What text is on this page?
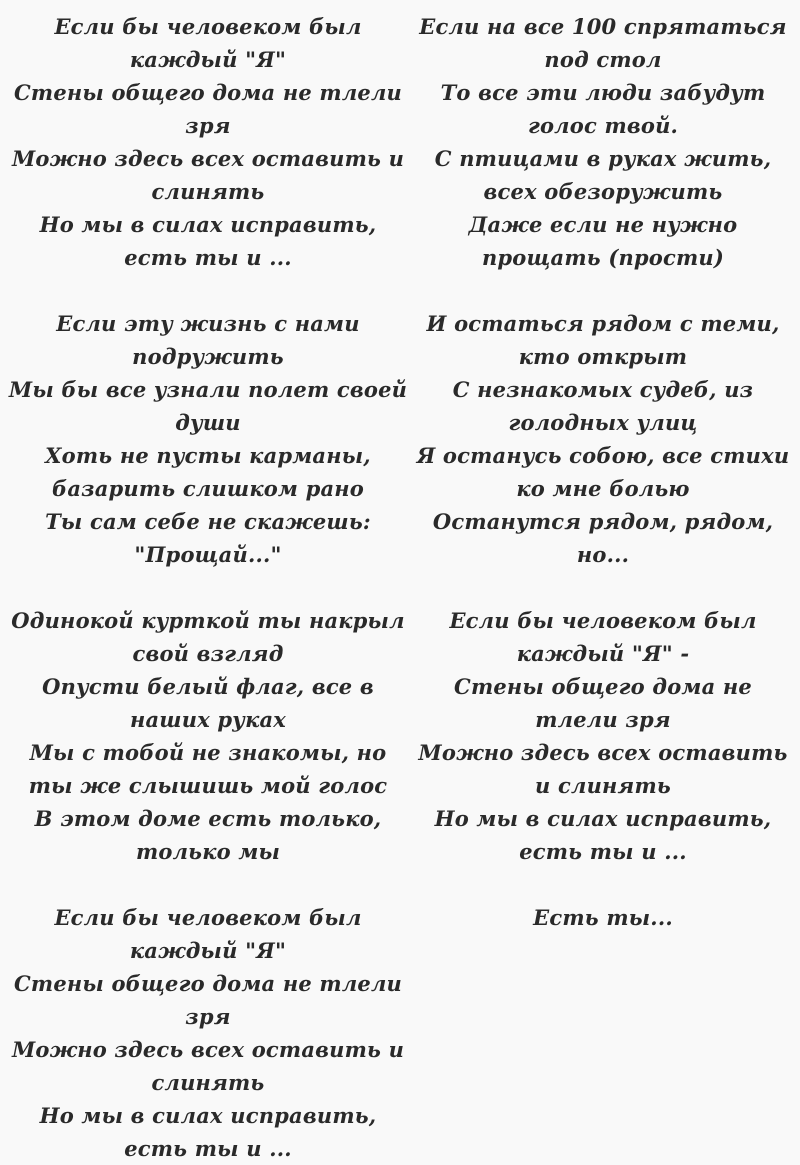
Если бы человеком был каждый "Я"
Стены общего дома не тлели зря
Можно здесь всех оставить и слинять
Но мы в силах исправить, есть ты и ...
Если эту жизнь с нами подружить
Мы бы все узнали полет своей души
Хоть не пусты карманы, базарить слишком рано
Ты сам себе не скажешь: "Прощай..."
Одинокой курткой ты накрыл свой взгляд
Опусти белый флаг, все в наших руках
Мы с тобой не знакомы, но ты же слышишь мой голос
В этом доме есть только, только мы
Если бы человеком был каждый "Я"
Стены общего дома не тлели зря
Можно здесь всех оставить и слинять
Но мы в силах исправить, есть ты и ...
Если на все 100 спрятаться под стол
То все эти люди забудут голос твой.
С птицами в руках жить, всех обезоружить
Даже если не нужно прощать (прости)
И остаться рядом с теми, кто открыт
С незнакомых судеб, из голодных улиц
Я останусь собою, все стихи ко мне болью
Останутся рядом, рядом, но...
Если бы человеком был каждый "Я" -
Стены общего дома не тлели зря
Можно здесь всех оставить и слинять
Но мы в силах исправить, есть ты и ...
Есть ты...
